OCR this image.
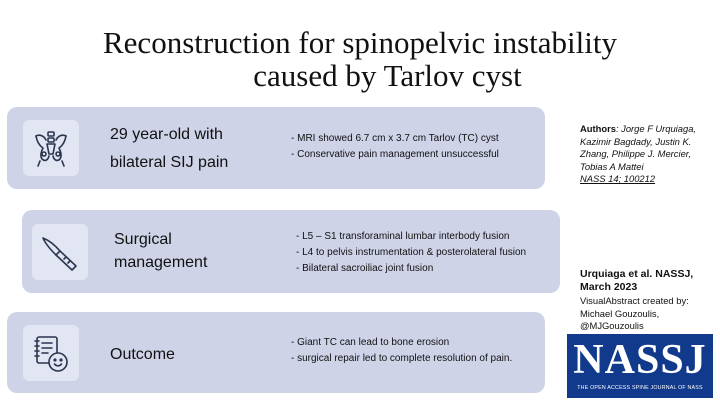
Reconstruction for spinopelvic instability
caused by Tarlov cyst
29 year-old with
bilateral SIJ pain
- MRI showed 6.7 cm x 3.7 cm Tarlov (TC) cyst
- Conservative pain management unsuccessful
Surgical
management
- L5 – S1 transforaminal lumbar interbody fusion
- L4 to pelvis instrumentation & posterolateral fusion
- Bilateral sacroiliac joint fusion
Outcome
- Giant TC can lead to bone erosion
- surgical repair led to complete resolution of pain.
Authors: Jorge F Urquiaga, Kazimir Bagdady, Justin K. Zhang, Philippe J. Mercier, Tobias A Mattei
NASS 14; 100212
Urquiaga et al. NASSJ, March 2023
VisualAbstract created by: Michael Gouzoulis, @MJGouzoulis
NASSJ
THE OPEN ACCESS SPINE JOURNAL OF NASS
